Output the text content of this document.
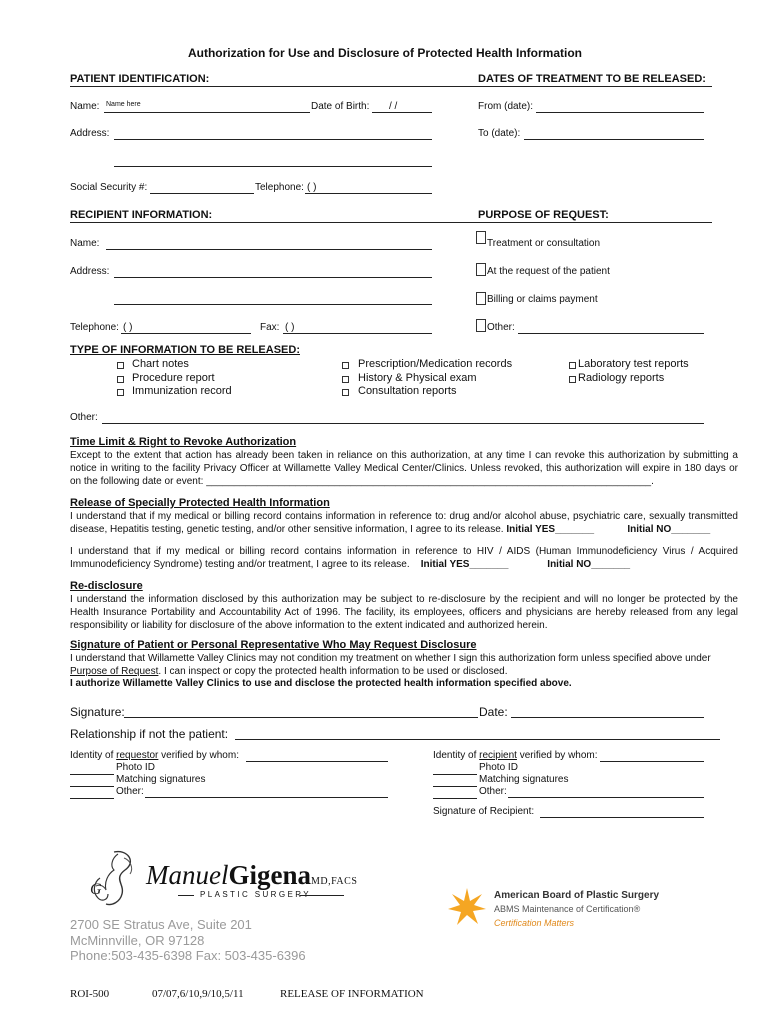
Authorization for Use and Disclosure of Protected Health Information
PATIENT IDENTIFICATION:	DATES OF TREATMENT TO BE RELEASED:
Name: Name here	Date of Birth: / /	From (date):
Address:	To (date):
Social Security #:	Telephone: ( )
RECIPIENT INFORMATION:	PURPOSE OF REQUEST:
Name:
Address:
Telephone: ( )	Fax: ( )
Treatment or consultation
At the request of the patient
Billing or claims payment
Other:
TYPE OF INFORMATION TO BE RELEASED:
Chart notes
Procedure report
Immunization record
Prescription/Medication records
History & Physical exam
Consultation reports
Laboratory test reports
Radiology reports
Other:
Time Limit & Right to Revoke Authorization
Except to the extent that action has already been taken in reliance on this authorization, at any time I can revoke this authorization by submitting a notice in writing to the facility Privacy Officer at Willamette Valley Medical Center/Clinics. Unless revoked, this authorization will expire in 180 days or on the following date or event: ________________________________________________________________________________.
Release of Specially Protected Health Information
I understand that if my medical or billing record contains information in reference to: drug and/or alcohol abuse, psychiatric care, sexually transmitted disease, Hepatitis testing, genetic testing, and/or other sensitive information, I agree to its release. Initial YES_______	Initial NO_______
I understand that if my medical or billing record contains information in reference to HIV / AIDS (Human Immunodeficiency Virus / Acquired Immunodeficiency Syndrome) testing and/or treatment, I agree to its release. Initial YES_______	Initial NO_______
Re-disclosure
I understand the information disclosed by this authorization may be subject to re-disclosure by the recipient and will no longer be protected by the Health Insurance Portability and Accountability Act of 1996. The facility, its employees, officers and physicians are hereby released from any legal responsibility or liability for disclosure of the above information to the extent indicated and authorized herein.
Signature of Patient or Personal Representative Who May Request Disclosure
I understand that Willamette Valley Clinics may not condition my treatment on whether I sign this authorization form unless specified above under
Purpose of Request. I can inspect or copy the protected health information to be used or disclosed.
I authorize Willamette Valley Clinics to use and disclose the protected health information specified above.
Signature:	Date:
Relationship if not the patient:
Identity of requestor verified by whom:
Photo ID
Matching signatures
Other:
Identity of recipient verified by whom:
Photo ID
Matching signatures
Other:
Signature of Recipient:
G ManuelGigenaMD,FACS
PLASTIC SURGERY	American Board of Plastic Surgery
ABMS Maintenance of Certification®
Certification Matters
2700 SE Stratus Ave, Suite 201
McMinnville, OR 97128
Phone:503-435-6398 Fax: 503-435-6396
ROI-500	07/07,6/10,9/10,5/11	RELEASE OF INFORMATION
